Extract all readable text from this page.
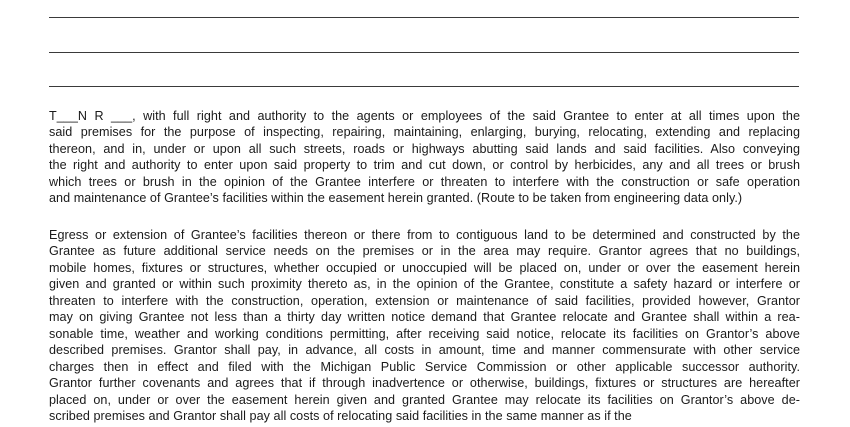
T___N R ___, with full right and authority to the agents or employees of the said Grantee to enter at all times upon the
said premises for the purpose of inspecting, repairing, maintaining, enlarging, burying, relocating, extending and replacing
thereon, and in, under or upon all such streets, roads or highways abutting said lands and said facilities. Also conveying
the right and authority to enter upon said property to trim and cut down, or control by herbicides, any and all trees or brush
which trees or brush in the opinion of the Grantee interfere or threaten to interfere with the construction or safe operation
and maintenance of Grantee’s facilities within the easement herein granted. (Route to be taken from engineering data only.)

Egress or extension of Grantee’s facilities thereon or there from to contiguous land to be determined and constructed by the
Grantee as future additional service needs on the premises or in the area may require. Grantor agrees that no buildings,
mobile homes, fixtures or structures, whether occupied or unoccupied will be placed on, under or over the easement herein
given and granted or within such proximity thereto as, in the opinion of the Grantee, constitute a safety hazard or interfere or
threaten to interfere with the construction, operation, extension or maintenance of said facilities, provided however, Grantor
may on giving Grantee not less than a thirty day written notice demand that Grantee relocate and Grantee shall within a rea-
sonable time, weather and working conditions permitting, after receiving said notice, relocate its facilities on Grantor’s above
described premises. Grantor shall pay, in advance, all costs in amount, time and manner commensurate with other service
charges then in effect and filed with the Michigan Public Service Commission or other applicable successor authority.
Grantor further covenants and agrees that if through inadvertence or otherwise, buildings, fixtures or structures are hereafter
placed on, under or over the easement herein given and granted Grantee may relocate its facilities on Grantor’s above de-
scribed premises and Grantor shall pay all costs of relocating said facilities in the same manner as if the
